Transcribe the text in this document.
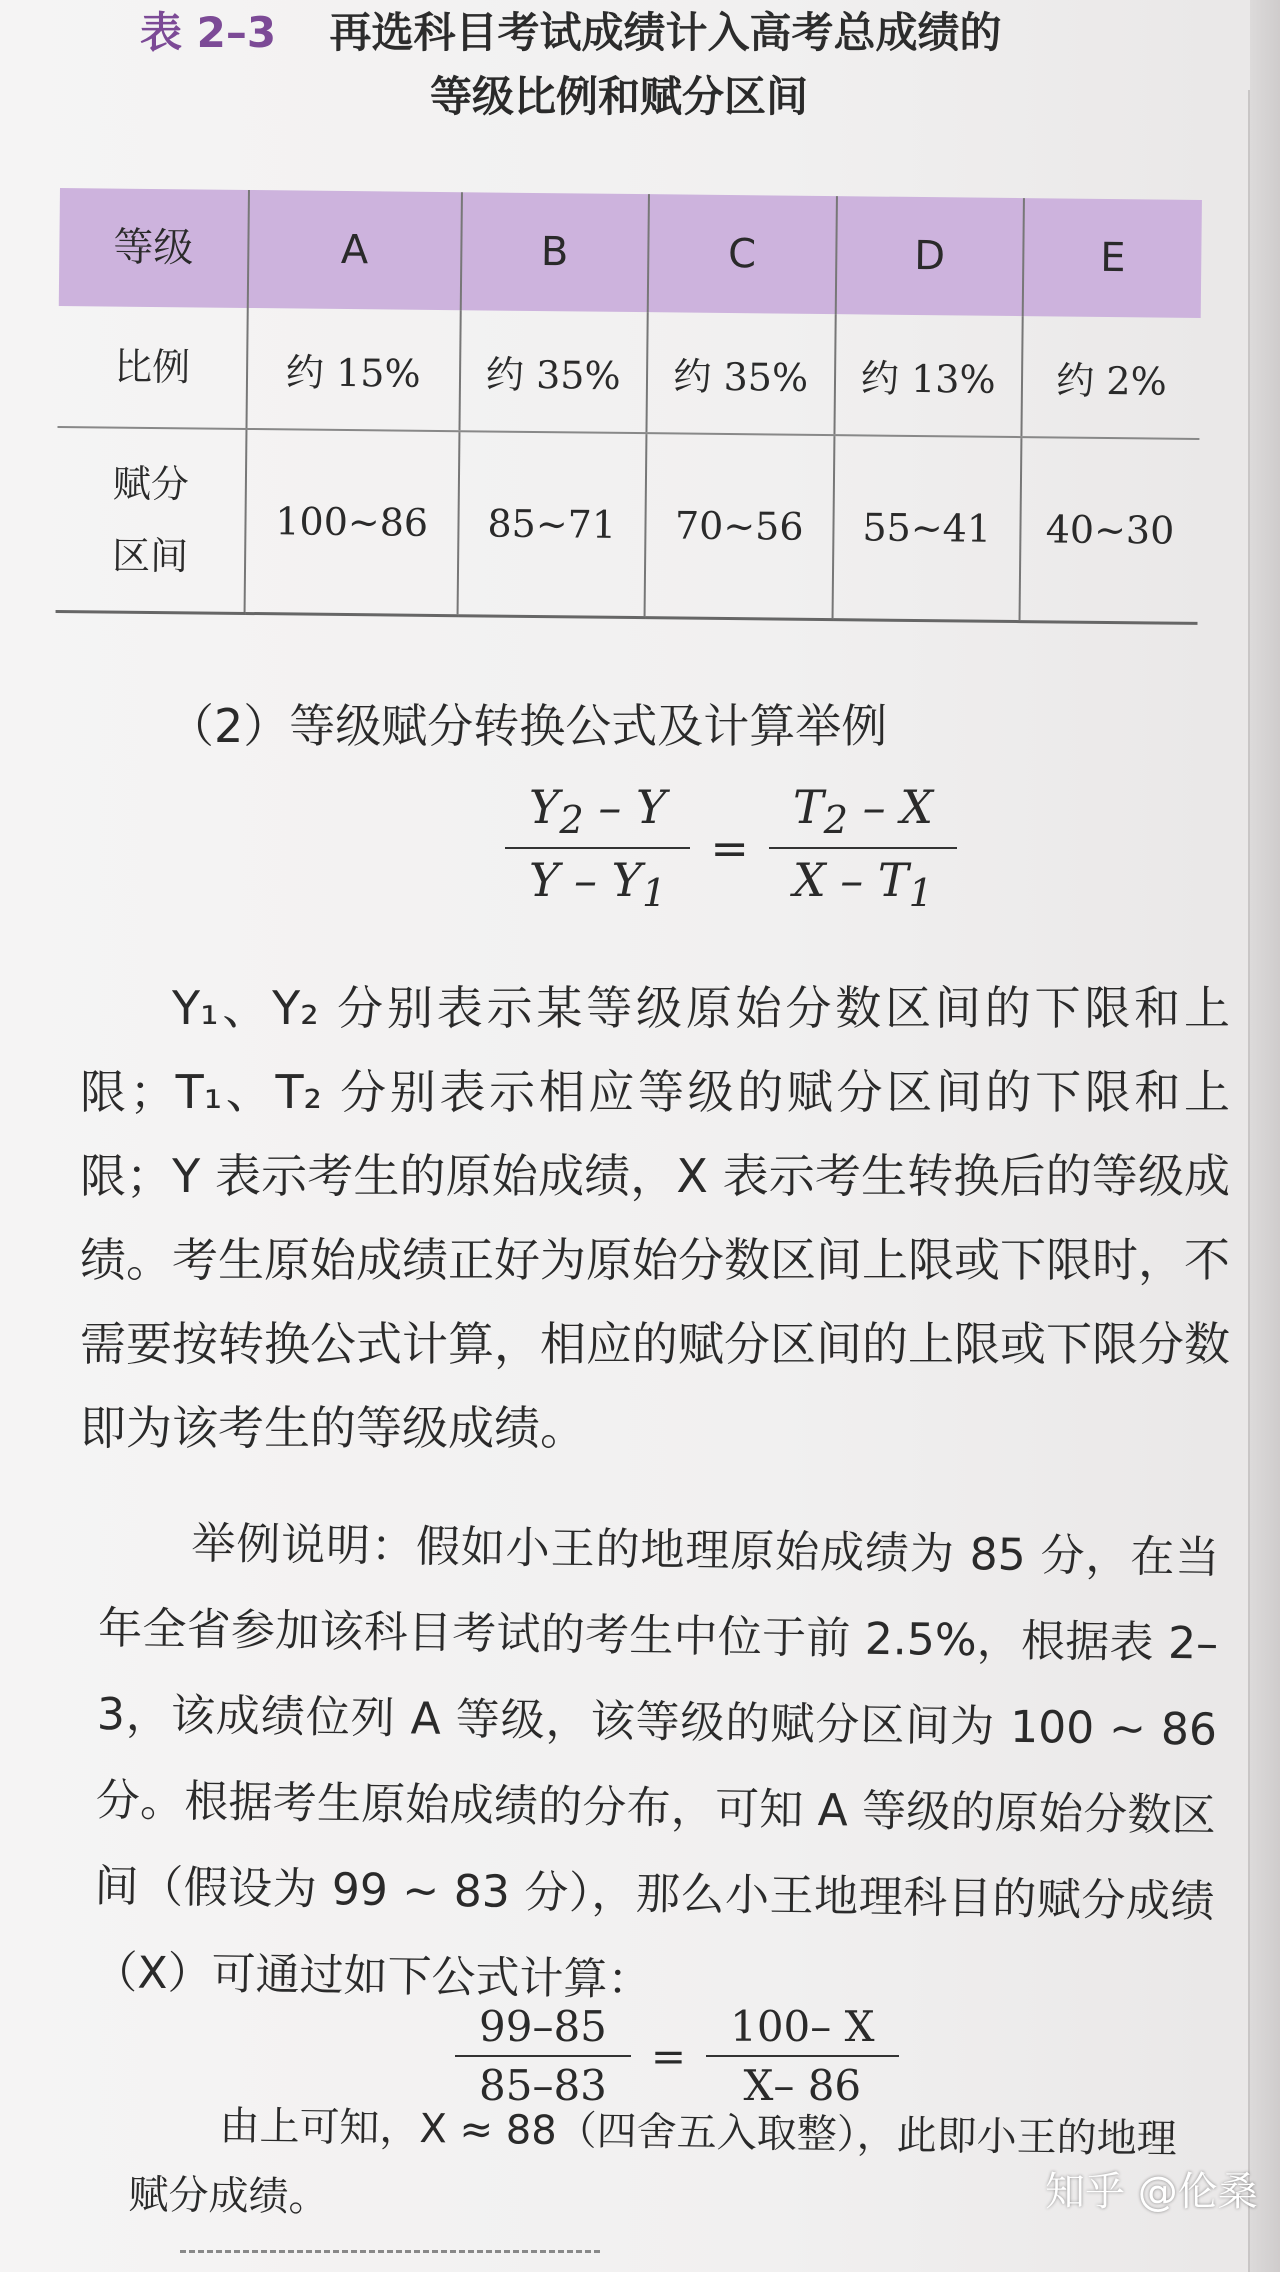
表 2–3 再选科目考试成绩计入高考总成绩的
等级比例和赋分区间
等级	A	B	C	D	E
比例	约 15%	约 35%	约 35%	约 13%	约 2%
赋分
区间	100~86	85~71	70~56	55~41	40~30
（2）等级赋分转换公式及计算举例
$\frac{Y_2 - Y}{Y - Y_1} = \frac{T_2 - X}{X - T_1}$

Y₁、Y₂ 分别表示某等级原始分数区间的下限和上限；T₁、T₂ 分别表示相应等级的赋分区间的下限和上限；Y 表示考生的原始成绩，X 表示考生转换后的等级成绩。考生原始成绩正好为原始分数区间上限或下限时，不需要按转换公式计算，相应的赋分区间的上限或下限分数即为该考生的等级成绩。

举例说明：假如小王的地理原始成绩为 85 分，在当年全省参加该科目考试的考生中位于前 2.5%，根据表 2–3，该成绩位列 A 等级，该等级的赋分区间为 100 ~ 86 分。根据考生原始成绩的分布，可知 A 等级的原始分数区间（假设为 99 ~ 83 分），那么小王地理科目的赋分成绩（X）可通过如下公式计算：

$\frac{99-85}{85-83} = \frac{100- X}{X- 86}$

由上可知，X ≈ 88（四舍五入取整），此即小王的地理赋分成绩。	知乎 @伦桑
